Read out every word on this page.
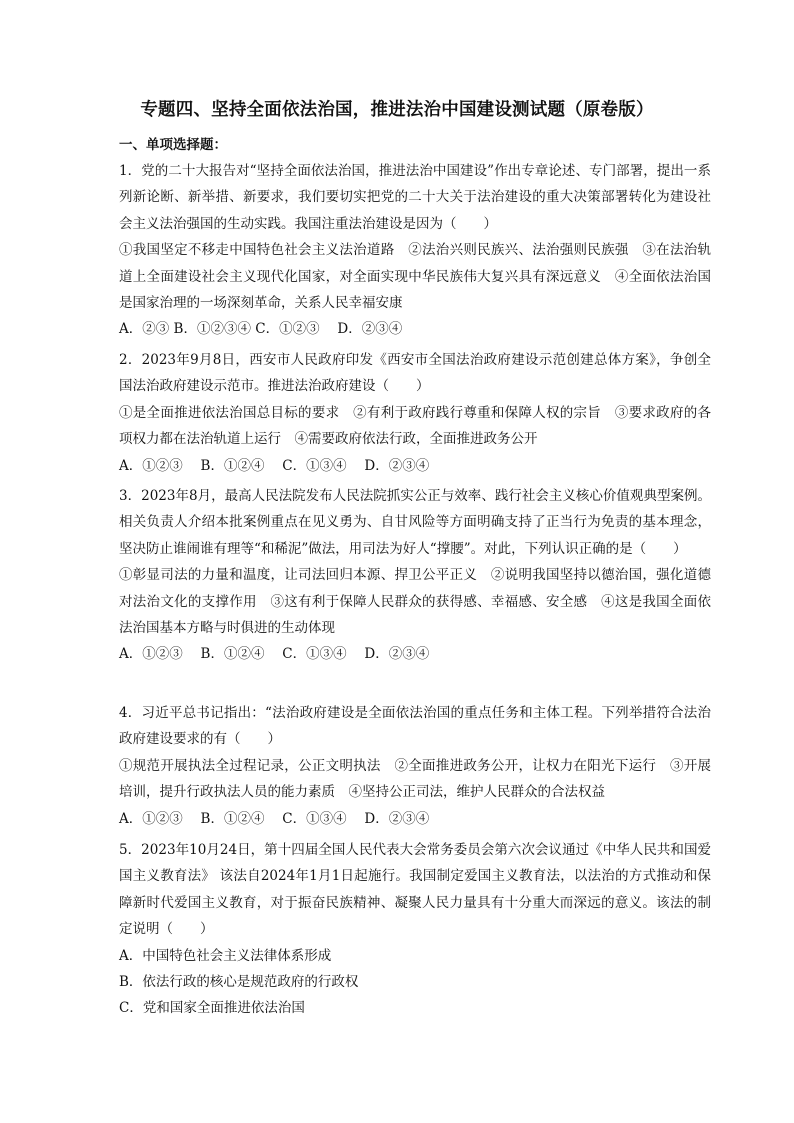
专题四、坚持全面依法治国，推进法治中国建设测试题（原卷版）
一、单项选择题：
1．党的二十大报告对“坚持全面依法治国，推进法治中国建设”作出专章论述、专门部署，提出一系列新论断、新举措、新要求，我们要切实把党的二十大关于法治建设的重大决策部署转化为建设社会主义法治强国的生动实践。我国注重法治建设是因为（　　）
①我国坚定不移走中国特色社会主义法治道路　②法治兴则民族兴、法治强则民族强　③在法治轨道上全面建设社会主义现代化国家，对全面实现中华民族伟大复兴具有深远意义　④全面依法治国是国家治理的一场深刻革命，关系人民幸福安康
A．②③ B．①②③④ C．①②③　 D．②③④
2．2023年9月8日，西安市人民政府印发《西安市全国法治政府建设示范创建总体方案》，争创全国法治政府建设示范市。推进法治政府建设（　　）
①是全面推进依法治国总目标的要求　②有利于政府践行尊重和保障人权的宗旨　③要求政府的各项权力都在法治轨道上运行　④需要政府依法行政，全面推进政务公开
A．①②③　 B．①②④　 C．①③④　 D．②③④
3．2023年8月，最高人民法院发布人民法院抓实公正与效率、践行社会主义核心价值观典型案例。相关负责人介绍本批案例重点在见义勇为、自甘风险等方面明确支持了正当行为免责的基本理念，坚决防止谁闹谁有理等“和稀泥”做法，用司法为好人“撑腰”。对此，下列认识正确的是（　　）
①彰显司法的力量和温度，让司法回归本源、捍卫公平正义　②说明我国坚持以德治国，强化道德对法治文化的支撑作用　③这有利于保障人民群众的获得感、幸福感、安全感　④这是我国全面依法治国基本方略与时俱进的生动体现
A．①②③　 B．①②④　 C．①③④　 D．②③④
4．习近平总书记指出：“法治政府建设是全面依法治国的重点任务和主体工程。下列举措符合法治政府建设要求的有（　　）
①规范开展执法全过程记录，公正文明执法　②全面推进政务公开，让权力在阳光下运行　③开展培训，提升行政执法人员的能力素质　④坚持公正司法，维护人民群众的合法权益
A．①②③　 B．①②④　 C．①③④　 D．②③④
5．2023年10月24日，第十四届全国人民代表大会常务委员会第六次会议通过《中华人民共和国爱国主义教育法》 该法自2024年1月1日起施行。我国制定爱国主义教育法，以法治的方式推动和保障新时代爱国主义教育，对于振奋民族精神、凝聚人民力量具有十分重大而深远的意义。该法的制定说明（　　）
A．中国特色社会主义法律体系形成
B．依法行政的核心是规范政府的行政权
C．党和国家全面推进依法治国
